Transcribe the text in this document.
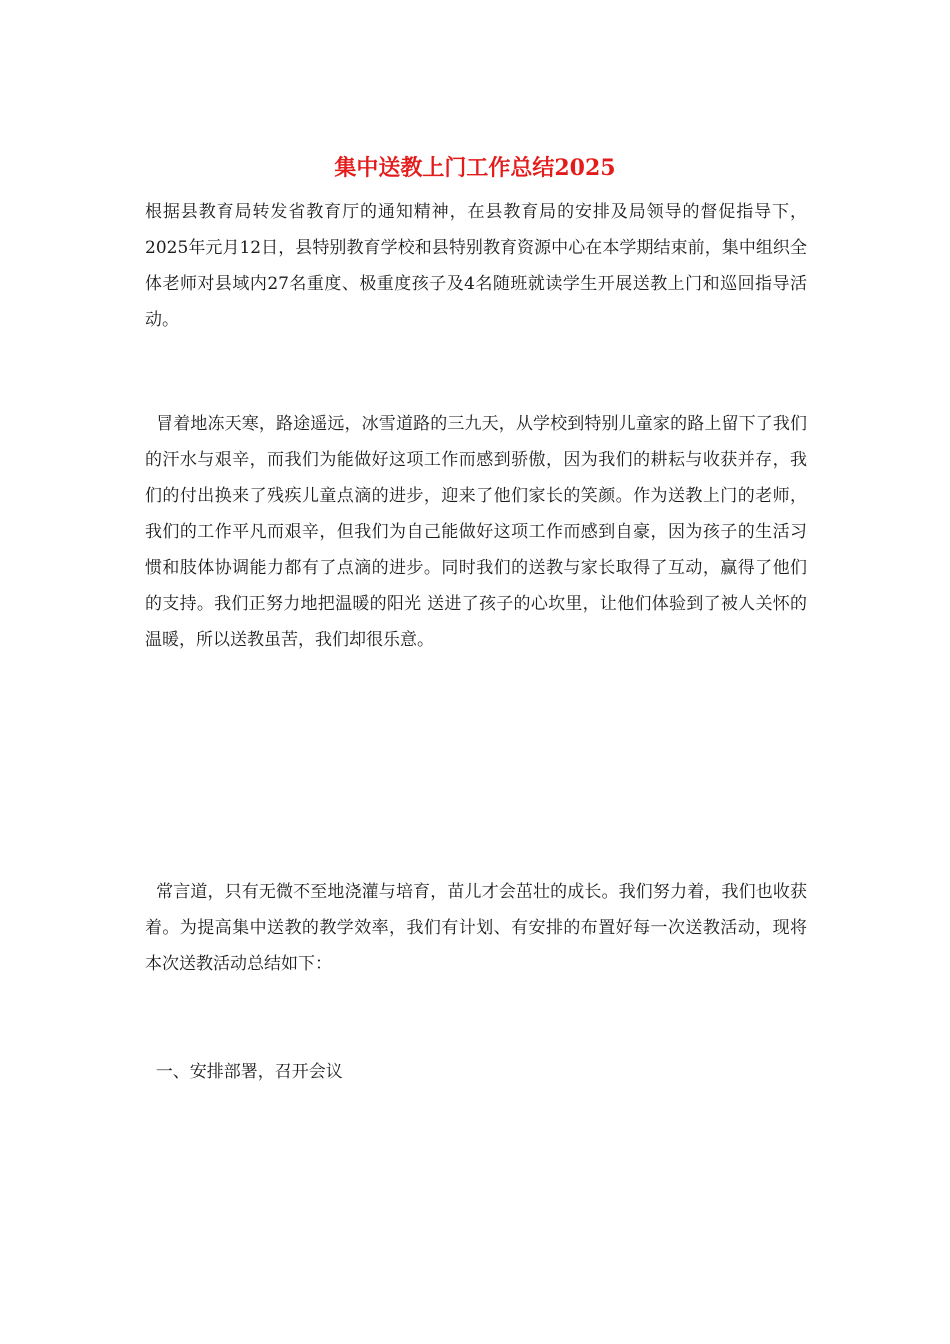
集中送教上门工作总结2025

根据县教育局转发省教育厅的通知精神，在县教育局的安排及局领导的督促指导下，2025年元月12日，县特别教育学校和县特别教育资源中心在本学期结束前，集中组织全体老师对县域内27名重度、极重度孩子及4名随班就读学生开展送教上门和巡回指导活动。

冒着地冻天寒，路途遥远，冰雪道路的三九天，从学校到特别儿童家的路上留下了我们的汗水与艰辛，而我们为能做好这项工作而感到骄傲，因为我们的耕耘与收获并存，我们的付出换来了残疾儿童点滴的进步，迎来了他们家长的笑颜。作为送教上门的老师，我们的工作平凡而艰辛，但我们为自己能做好这项工作而感到自豪，因为孩子的生活习惯和肢体协调能力都有了点滴的进步。同时我们的送教与家长取得了互动，赢得了他们的支持。我们正努力地把温暖的阳光 送进了孩子的心坎里，让他们体验到了被人关怀的温暖，所以送教虽苦，我们却很乐意。

常言道，只有无微不至地浇灌与培育，苗儿才会茁壮的成长。我们努力着，我们也收获着。为提高集中送教的教学效率，我们有计划、有安排的布置好每一次送教活动，现将本次送教活动总结如下：

一、安排部署，召开会议
